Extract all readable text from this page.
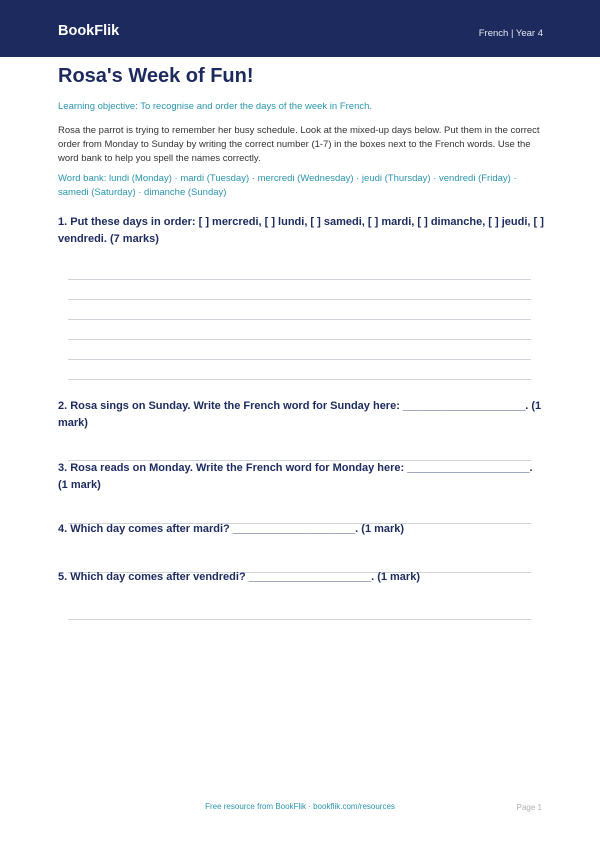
BookFlik	French | Year 4
Rosa's Week of Fun!
Learning objective: To recognise and order the days of the week in French.
Rosa the parrot is trying to remember her busy schedule. Look at the mixed-up days below. Put them in the correct order from Monday to Sunday by writing the correct number (1-7) in the boxes next to the French words. Use the word bank to help you spell the names correctly.
Word bank: lundi (Monday) · mardi (Tuesday) · mercredi (Wednesday) · jeudi (Thursday) · vendredi (Friday) · samedi (Saturday) · dimanche (Sunday)
1. Put these days in order: [ ] mercredi, [ ] lundi, [ ] samedi, [ ] mardi, [ ] dimanche, [ ] jeudi, [ ] vendredi. (7 marks)
2. Rosa sings on Sunday. Write the French word for Sunday here: ____________________. (1 mark)
3. Rosa reads on Monday. Write the French word for Monday here: ____________________. (1 mark)
4. Which day comes after mardi? ____________________. (1 mark)
5. Which day comes after vendredi? ____________________. (1 mark)
Free resource from BookFlik · bookflik.com/resources	Page 1
